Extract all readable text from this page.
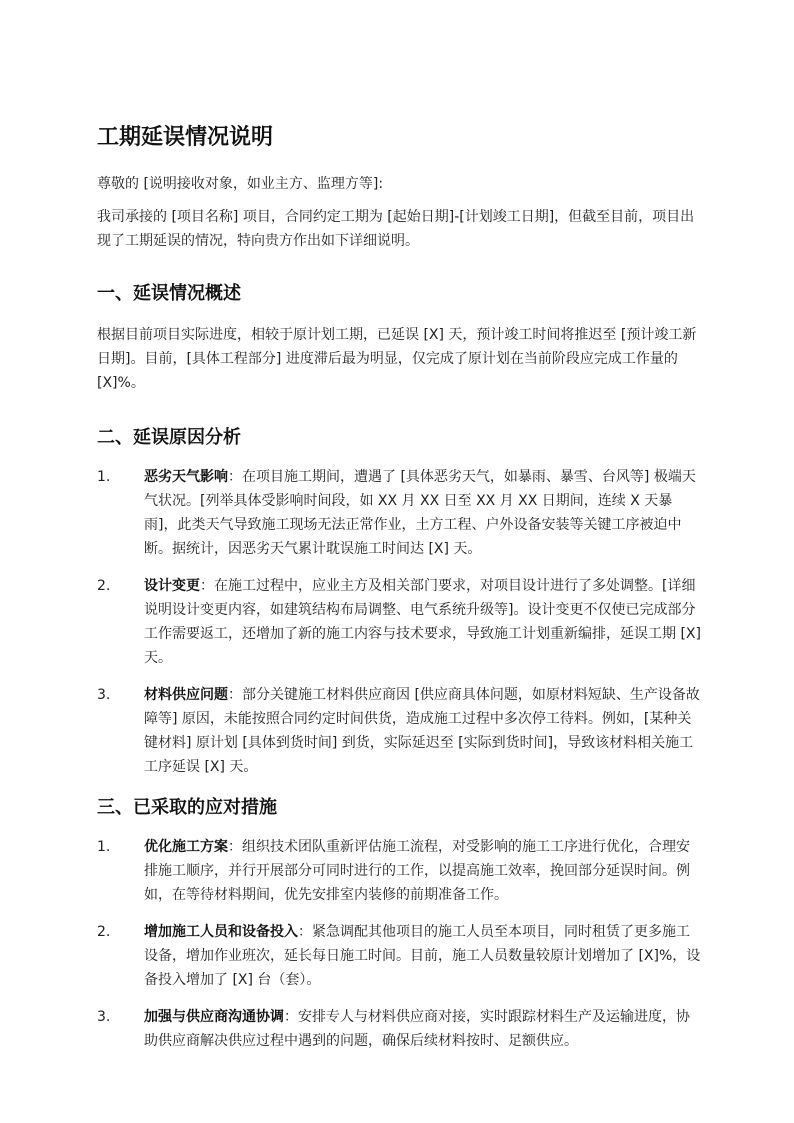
工期延误情况说明

尊敬的 [说明接收对象，如业主方、监理方等]:

我司承接的 [项目名称] 项目，合同约定工期为 [起始日期]-[计划竣工日期]，但截至目前，项目出现了工期延误的情况，特向贵方作出如下详细说明。

一、延误情况概述

根据目前项目实际进度，相较于原计划工期，已延误 [X] 天，预计竣工时间将推迟至 [预计竣工新日期]。目前，[具体工程部分] 进度滞后最为明显，仅完成了原计划在当前阶段应完成工作量的 [X]%。

二、延误原因分析
1. 恶劣天气影响：在项目施工期间，遭遇了 [具体恶劣天气，如暴雨、暴雪、台风等] 极端天气状况。[列举具体受影响时间段，如 XX 月 XX 日至 XX 月 XX 日期间，连续 X 天暴雨]，此类天气导致施工现场无法正常作业，土方工程、户外设备安装等关键工序被迫中断。据统计，因恶劣天气累计耽误施工时间达 [X] 天。
2. 设计变更：在施工过程中，应业主方及相关部门要求，对项目设计进行了多处调整。[详细说明设计变更内容，如建筑结构布局调整、电气系统升级等]。设计变更不仅使已完成部分工作需要返工，还增加了新的施工内容与技术要求，导致施工计划重新编排，延误工期 [X] 天。
3. 材料供应问题：部分关键施工材料供应商因 [供应商具体问题，如原材料短缺、生产设备故障等] 原因，未能按照合同约定时间供货，造成施工过程中多次停工待料。例如，[某种关键材料] 原计划 [具体到货时间] 到货，实际延迟至 [实际到货时间]，导致该材料相关施工工序延误 [X] 天。
三、已采取的应对措施
1. 优化施工方案：组织技术团队重新评估施工流程，对受影响的施工工序进行优化，合理安排施工顺序，并行开展部分可同时进行的工作，以提高施工效率，挽回部分延误时间。例如，在等待材料期间，优先安排室内装修的前期准备工作。
2. 增加施工人员和设备投入：紧急调配其他项目的施工人员至本项目，同时租赁了更多施工设备，增加作业班次，延长每日施工时间。目前，施工人员数量较原计划增加了 [X]%，设备投入增加了 [X] 台（套）。
3. 加强与供应商沟通协调：安排专人与材料供应商对接，实时跟踪材料生产及运输进度，协助供应商解决供应过程中遇到的问题，确保后续材料按时、足额供应。
